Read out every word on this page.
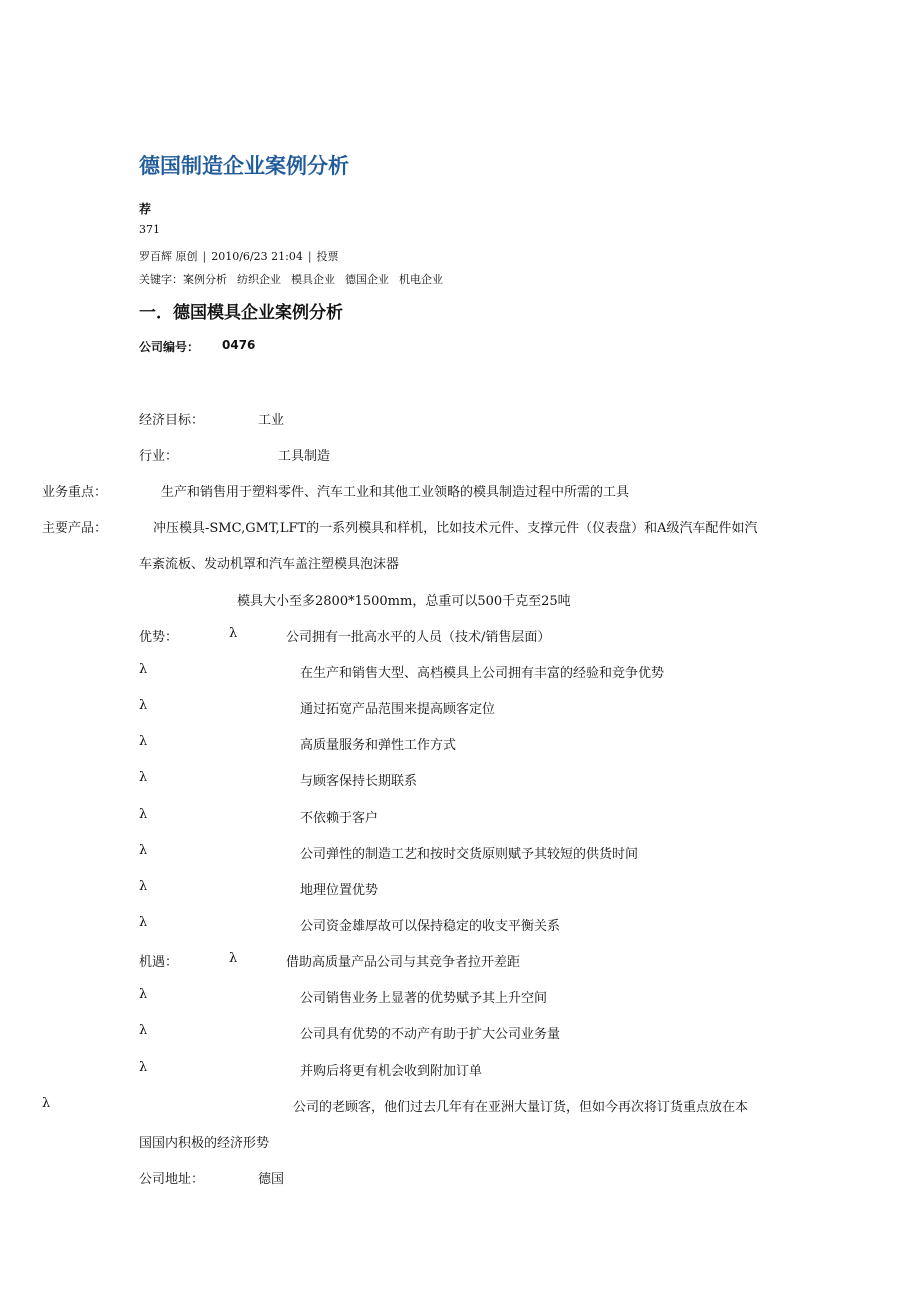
德国制造企业案例分析
荐
371
罗百辉 原创 | 2010/6/23 21:04 | 投票
关键字：案例分析 纺织企业 模具企业 德国企业 机电企业
一．德国模具企业案例分析
公司编号： 0476
经济目标：	工业
行业：	工具制造
业务重点：	生产和销售用于塑料零件、汽车工业和其他工业领略的模具制造过程中所需的工具
主要产品：	冲压模具-SMC,GMT,LFT的一系列模具和样机，比如技术元件、支撑元件（仪表盘）和A级汽车配件如汽
车紊流板、发动机罩和汽车盖注塑模具泡沫器
模具大小至多2800*1500mm，总重可以500千克至25吨
优势：	λ	公司拥有一批高水平的人员（技术/销售层面）
λ	在生产和销售大型、高档模具上公司拥有丰富的经验和竞争优势
λ	通过拓宽产品范围来提高顾客定位
λ	高质量服务和弹性工作方式
λ	与顾客保持长期联系
λ	不依赖于客户
λ	公司弹性的制造工艺和按时交货原则赋予其较短的供货时间
λ	地理位置优势
λ	公司资金雄厚故可以保持稳定的收支平衡关系
机遇：	λ	借助高质量产品公司与其竞争者拉开差距
λ	公司销售业务上显著的优势赋予其上升空间
λ	公司具有优势的不动产有助于扩大公司业务量
λ	并购后将更有机会收到附加订单
λ	公司的老顾客，他们过去几年有在亚洲大量订货，但如今再次将订货重点放在本
国国内积极的经济形势
公司地址：	德国
